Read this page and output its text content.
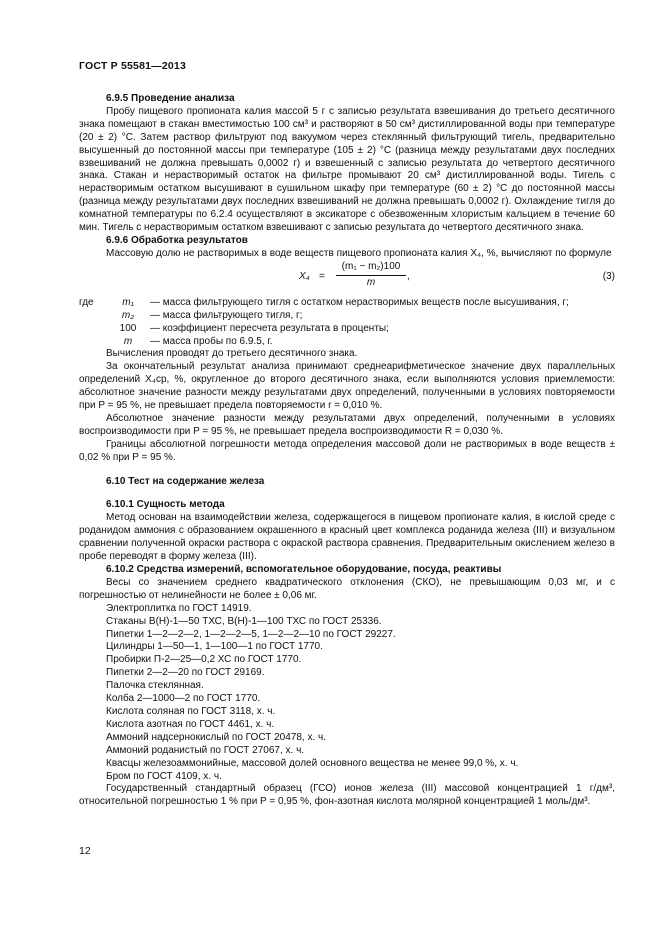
ГОСТ Р 55581—2013

6.9.5 Проведение анализа

Пробу пищевого пропионата калия массой 5 г с записью результата взвешивания до третьего десятичного знака помещают в стакан вместимостью 100 см³ и растворяют в 50 см³ дистиллированной воды при температуре (20 ± 2) °С. Затем раствор фильтруют под вакуумом через стеклянный фильтрующий тигель, предварительно высушенный до постоянной массы при температуре (105 ± 2) °С (разница между результатами двух последних взвешиваний не должна превышать 0,0002 г) и взвешенный с записью результата до четвертого десятичного знака. Стакан и нерастворимый остаток на фильтре промывают 20 см³ дистиллированной воды. Тигель с нерастворимым остатком высушивают в сушильном шкафу при температуре (60 ± 2) °С до постоянной массы (разница между результатами двух последних взвешиваний не должна превышать 0,0002 г). Охлаждение тигля до комнатной температуры по 6.2.4 осуществляют в эксикаторе с обезвоженным хлористым кальцием в течение 60 мин. Тигель с нерастворимым остатком взвешивают с записью результата до четвертого десятичного знака.

6.9.6 Обработка результатов

Массовую долю не растворимых в воде веществ пищевого пропионата калия X₄, %, вычисляют по формуле

$X_4 = \frac{\text{(m₁ − m₂)100}}{m}$ ,	(3)
где	m₁	— масса фильтрующего тигля с остатком нерастворимых веществ после высушивания, г;
m₂	— масса фильтрующего тигля, г;
100	— коэффициент пересчета результата в проценты;
m	— масса пробы по 6.9.5, г.

Вычисления проводят до третьего десятичного знака.

За окончательный результат анализа принимают среднеарифметическое значение двух параллельных определений X₄ср, %, округленное до второго десятичного знака, если выполняются условия приемлемости: абсолютное значение разности между результатами двух определений, полученными в условиях повторяемости при P = 95 %, не превышает предела повторяемости r = 0,010 %.

Абсолютное значение разности между результатами двух определений, полученными в условиях воспроизводимости при P = 95 %, не превышает предела воспроизводимости R = 0,030 %.

Границы абсолютной погрешности метода определения массовой доли не растворимых в воде веществ ± 0,02 % при P = 95 %.

6.10 Тест на содержание железа

6.10.1 Сущность метода

Метод основан на взаимодействии железа, содержащегося в пищевом пропионате калия, в кислой среде с роданидом аммония с образованием окрашенного в красный цвет комплекса роданида железа (III) и визуальном сравнении полученной окраски раствора с окраской раствора сравнения. Предварительным окислением железо в пробе переводят в форму железа (III).

6.10.2 Средства измерений, вспомогательное оборудование, посуда, реактивы

Весы со значением среднего квадратического отклонения (СКО), не превышающим 0,03 мг, и с погрешностью от нелинейности не более ± 0,06 мг.

Электроплитка по ГОСТ 14919.

Стаканы В(Н)-1—50 ТХС, В(Н)-1—100 ТХС по ГОСТ 25336.

Пипетки 1—2—2—2, 1—2—2—5, 1—2—2—10 по ГОСТ 29227.

Цилиндры 1—50—1, 1—100—1 по ГОСТ 1770.

Пробирки П-2—25—0,2 ХС по ГОСТ 1770.

Пипетки 2—2—20 по ГОСТ 29169.

Палочка стеклянная.

Колба 2—1000—2 по ГОСТ 1770.

Кислота соляная по ГОСТ 3118, х. ч.

Кислота азотная по ГОСТ 4461, х. ч.

Аммоний надсернокислый по ГОСТ 20478, х. ч.

Аммоний роданистый по ГОСТ 27067, х. ч.

Квасцы железоаммонийные, массовой долей основного вещества не менее 99,0 %, х. ч.

Бром по ГОСТ 4109, х. ч.

Государственный стандартный образец (ГСО) ионов железа (III) массовой концентрацией 1 г/дм³, относительной погрешностью 1 % при P = 0,95 %, фон-азотная кислота молярной концентрацией 1 моль/дм³.

12
